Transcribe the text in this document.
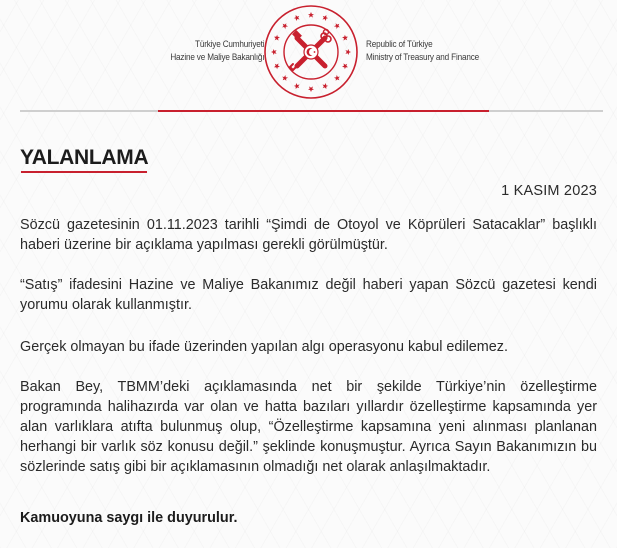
Türkiye Cumhuriyeti
Hazine ve Maliye Bakanlığı
Republic of Türkiye
Ministry of Treasury and Finance
YALANLAMA
1 KASIM 2023

Sözcü gazetesinin 01.11.2023 tarihli “Şimdi de Otoyol ve Köprüleri Satacaklar” başlıklı haberi üzerine bir açıklama yapılması gerekli görülmüştür.

“Satış” ifadesini Hazine ve Maliye Bakanımız değil haberi yapan Sözcü gazetesi kendi yorumu olarak kullanmıştır.

Gerçek olmayan bu ifade üzerinden yapılan algı operasyonu kabul edilemez.

Bakan Bey, TBMM’deki açıklamasında net bir şekilde Türkiye’nin özelleştirme programında halihazırda var olan ve hatta bazıları yıllardır özelleştirme kapsamında yer alan varlıklara atıfta bulunmuş olup, “Özelleştirme kapsamına yeni alınması planlanan herhangi bir varlık söz konusu değil.” şeklinde konuşmuştur. Ayrıca Sayın Bakanımızın bu sözlerinde satış gibi bir açıklamasının olmadığı net olarak anlaşılmaktadır.

Kamuoyuna saygı ile duyurulur.
